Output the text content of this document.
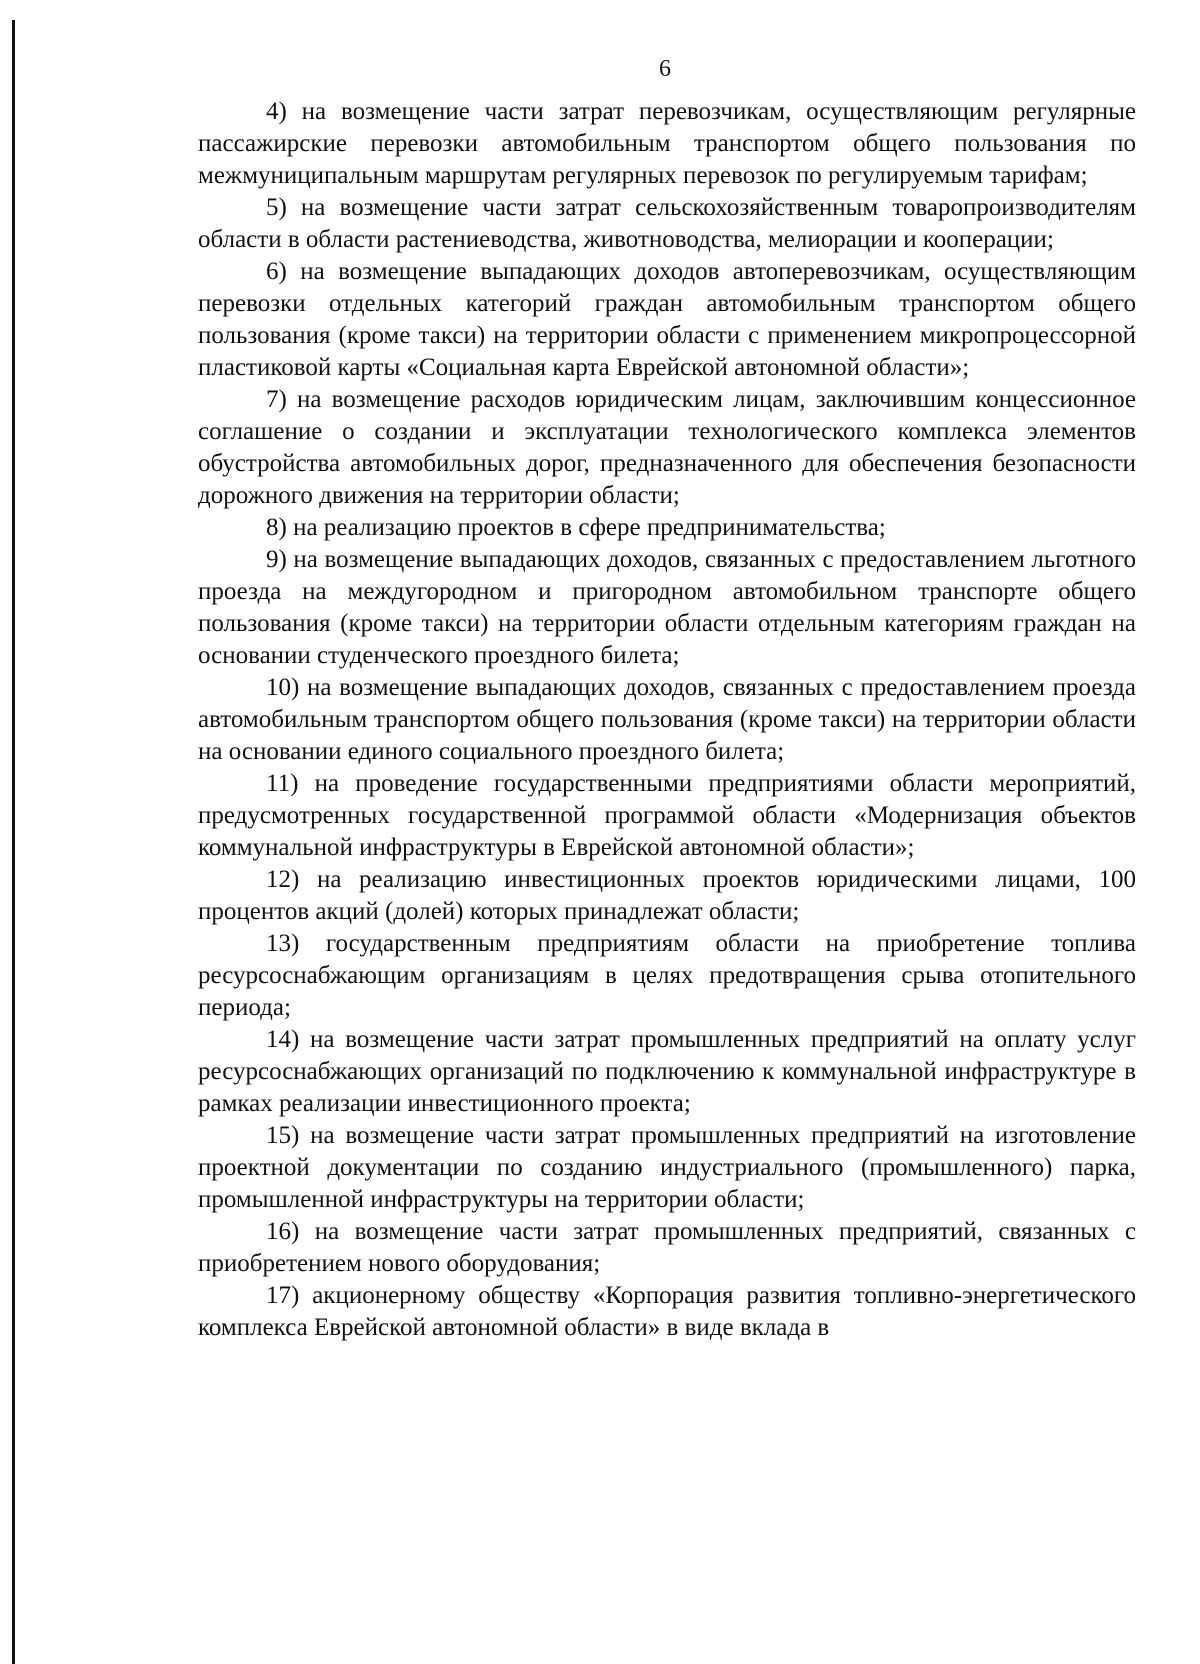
6

4) на возмещение части затрат перевозчикам, осуществляющим регулярные пассажирские перевозки автомобильным транспортом общего пользования по межмуниципальным маршрутам регулярных перевозок по регулируемым тарифам;

5) на возмещение части затрат сельскохозяйственным товаропроизводителям области в области растениеводства, животноводства, мелиорации и кооперации;

6) на возмещение выпадающих доходов автоперевозчикам, осуществляющим перевозки отдельных категорий граждан автомобильным транспортом общего пользования (кроме такси) на территории области с применением микропроцессорной пластиковой карты «Социальная карта Еврейской автономной области»;

7) на возмещение расходов юридическим лицам, заключившим концессионное соглашение о создании и эксплуатации технологического комплекса элементов обустройства автомобильных дорог, предназначенного для обеспечения безопасности дорожного движения на территории области;

8) на реализацию проектов в сфере предпринимательства;

9) на возмещение выпадающих доходов, связанных с предоставлением льготного проезда на междугородном и пригородном автомобильном транспорте общего пользования (кроме такси) на территории области отдельным категориям граждан на основании студенческого проездного билета;

10) на возмещение выпадающих доходов, связанных с предоставлением проезда автомобильным транспортом общего пользования (кроме такси) на территории области на основании единого социального проездного билета;

11) на проведение государственными предприятиями области мероприятий, предусмотренных государственной программой области «Модернизация объектов коммунальной инфраструктуры в Еврейской автономной области»;

12) на реализацию инвестиционных проектов юридическими лицами, 100 процентов акций (долей) которых принадлежат области;

13) государственным предприятиям области на приобретение топлива ресурсоснабжающим организациям в целях предотвращения срыва отопительного периода;

14) на возмещение части затрат промышленных предприятий на оплату услуг ресурсоснабжающих организаций по подключению к коммунальной инфраструктуре в рамках реализации инвестиционного проекта;

15) на возмещение части затрат промышленных предприятий на изготовление проектной документации по созданию индустриального (промышленного) парка, промышленной инфраструктуры на территории области;

16) на возмещение части затрат промышленных предприятий, связанных с приобретением нового оборудования;

17) акционерному обществу «Корпорация развития топливно-энергетического комплекса Еврейской автономной области» в виде вклада в
